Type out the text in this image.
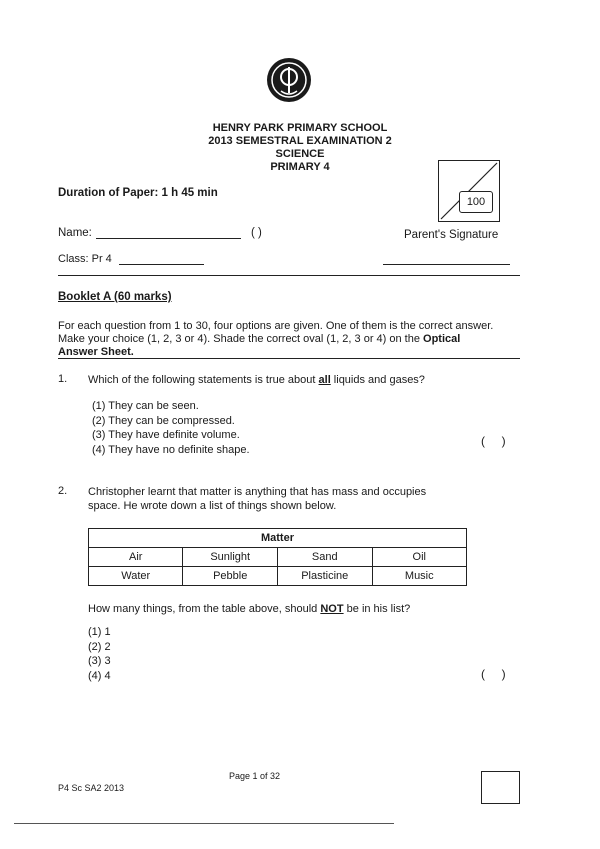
HENRY PARK PRIMARY SCHOOL
2013 SEMESTRAL EXAMINATION 2
SCIENCE
PRIMARY 4
Duration of Paper: 1 h 45 min
100
Name:	( )	Parent's Signature
Class: Pr 4
Booklet A (60 marks)
For each question from 1 to 30, four options are given. One of them is the correct answer.
Make your choice (1, 2, 3 or 4). Shade the correct oval (1, 2, 3 or 4) on the Optical
Answer Sheet.
1. Which of the following statements is true about all liquids and gases?
(1) They can be seen.
(2) They can be compressed.
(3) They have definite volume.
(4) They have no definite shape.
(     )
2. Christopher learnt that matter is anything that has mass and occupies
space. He wrote down a list of things shown below.
Matter			
Air	Sunlight	Sand	Oil
Water	Pebble	Plasticine	Music
How many things, from the table above, should NOT be in his list?
(1) 1
(2) 2
(3) 3
(4) 4	(     )
Page 1 of 32
P4 Sc SA2 2013
